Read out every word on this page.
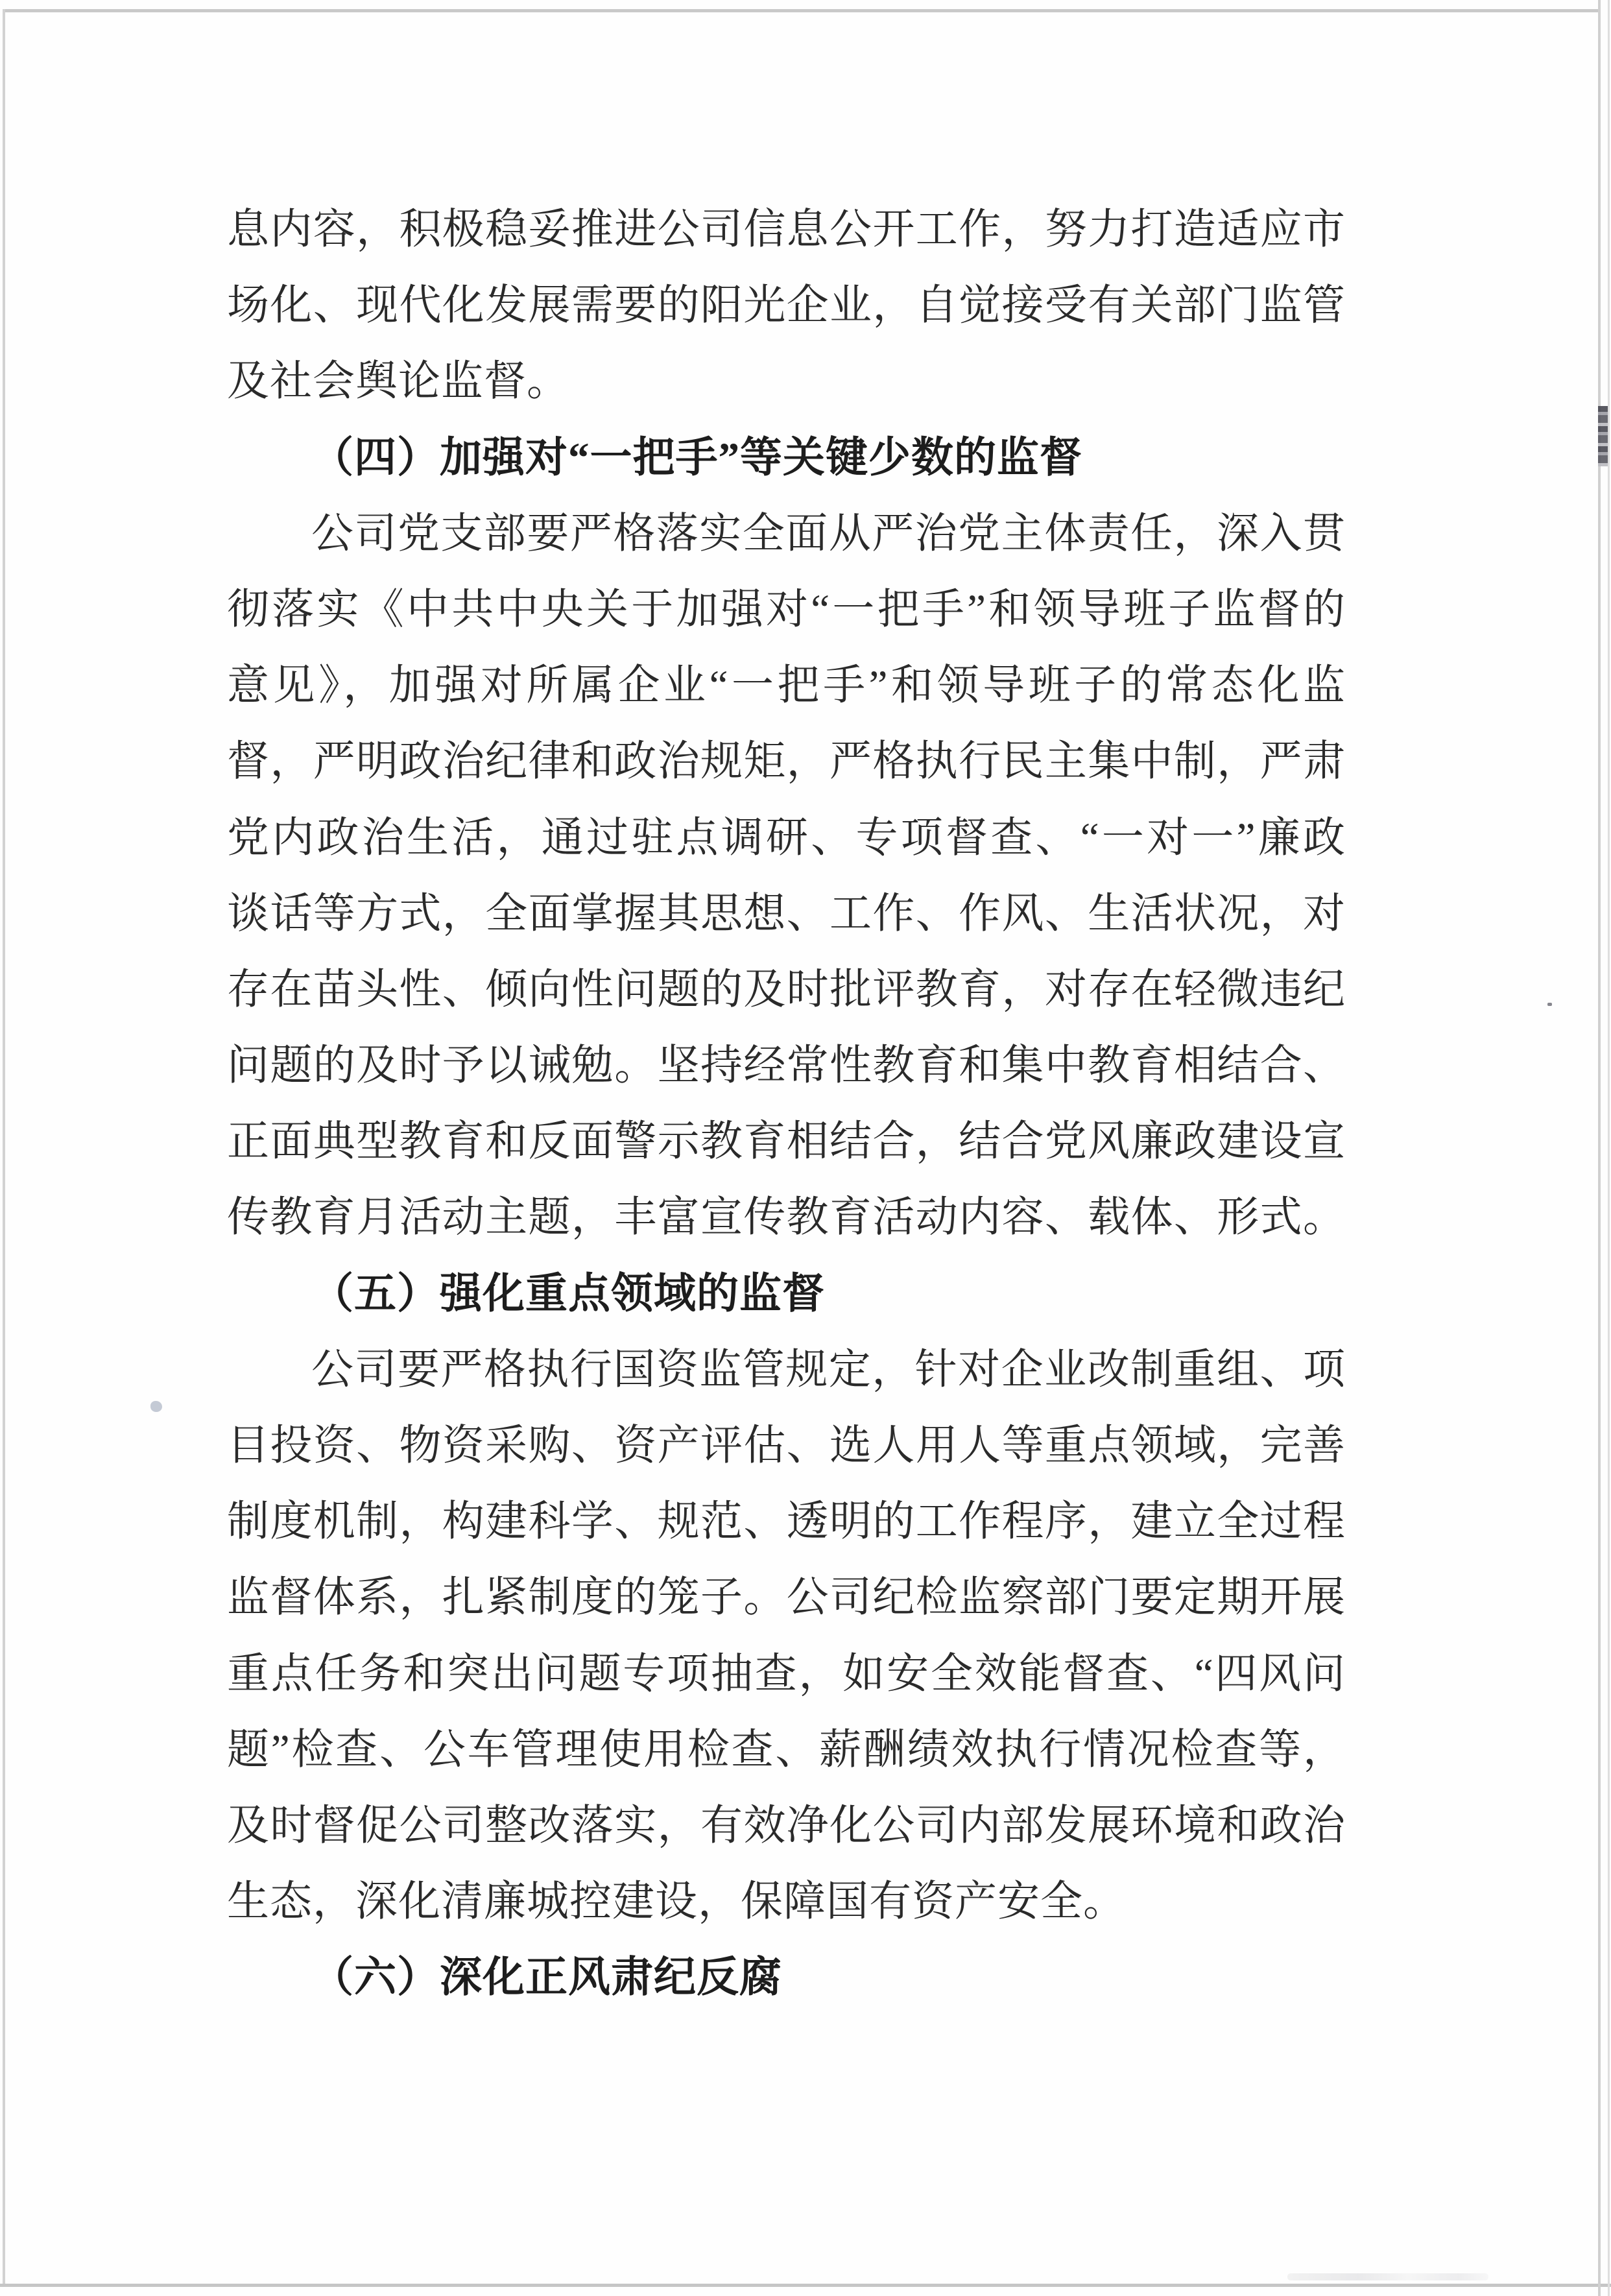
息内容，积极稳妥推进公司信息公开工作，努力打造适应市
场化、现代化发展需要的阳光企业，自觉接受有关部门监管
及社会舆论监督。
（四）加强对“一把手”等关键少数的监督
公司党支部要严格落实全面从严治党主体责任，深入贯
彻落实《中共中央关于加强对“一把手”和领导班子监督的
意见》，加强对所属企业“一把手”和领导班子的常态化监
督，严明政治纪律和政治规矩，严格执行民主集中制，严肃
党内政治生活，通过驻点调研、专项督查、“一对一”廉政
谈话等方式，全面掌握其思想、工作、作风、生活状况，对
存在苗头性、倾向性问题的及时批评教育，对存在轻微违纪
问题的及时予以诫勉。坚持经常性教育和集中教育相结合、
正面典型教育和反面警示教育相结合，结合党风廉政建设宣
传教育月活动主题，丰富宣传教育活动内容、载体、形式。
（五）强化重点领域的监督
公司要严格执行国资监管规定，针对企业改制重组、项
目投资、物资采购、资产评估、选人用人等重点领域，完善
制度机制，构建科学、规范、透明的工作程序，建立全过程
监督体系，扎紧制度的笼子。公司纪检监察部门要定期开展
重点任务和突出问题专项抽查，如安全效能督查、“四风问
题”检查、公车管理使用检查、薪酬绩效执行情况检查等，
及时督促公司整改落实，有效净化公司内部发展环境和政治
生态，深化清廉城控建设，保障国有资产安全。
（六）深化正风肃纪反腐
